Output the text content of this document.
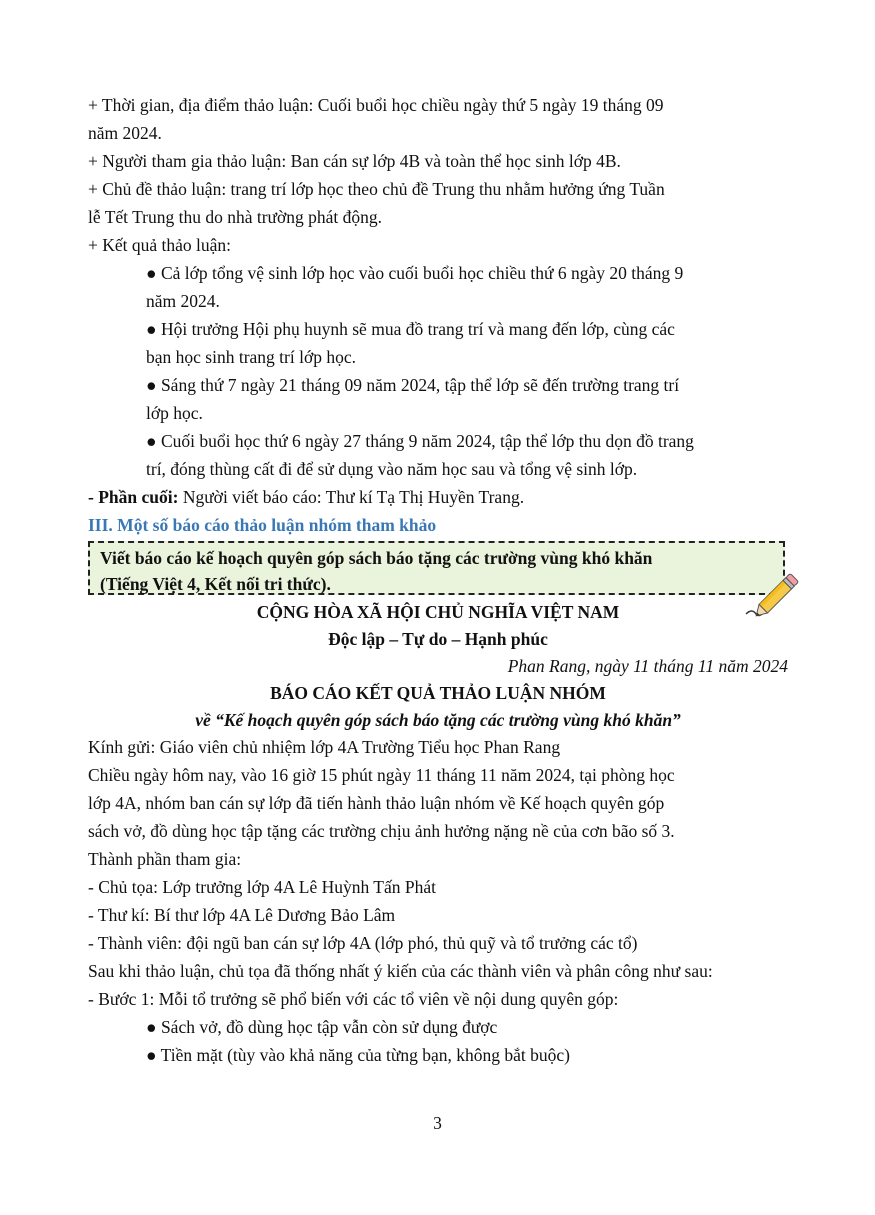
+ Thời gian, địa điểm thảo luận: Cuối buổi học chiều ngày thứ 5 ngày 19 tháng 09
năm 2024.
+ Người tham gia thảo luận: Ban cán sự lớp 4B và toàn thể học sinh lớp 4B.
+ Chủ đề thảo luận: trang trí lớp học theo chủ đề Trung thu nhằm hưởng ứng Tuần
lễ Tết Trung thu do nhà trường phát động.
+ Kết quả thảo luận:
● Cả lớp tổng vệ sinh lớp học vào cuối buổi học chiều thứ 6 ngày 20 tháng 9
năm 2024.
● Hội trưởng Hội phụ huynh sẽ mua đồ trang trí và mang đến lớp, cùng các
bạn học sinh trang trí lớp học.
● Sáng thứ 7 ngày 21 tháng 09 năm 2024, tập thể lớp sẽ đến trường trang trí
lớp học.
● Cuối buổi học thứ 6 ngày 27 tháng 9 năm 2024, tập thể lớp thu dọn đồ trang
trí, đóng thùng cất đi để sử dụng vào năm học sau và tổng vệ sinh lớp.
- Phần cuối: Người viết báo cáo: Thư kí Tạ Thị Huyền Trang.
III. Một số báo cáo thảo luận nhóm tham khảo
Viết báo cáo kế hoạch quyên góp sách báo tặng các trường vùng khó khăn
(Tiếng Việt 4, Kết nối tri thức).
CỘNG HÒA XÃ HỘI CHỦ NGHĨA VIỆT NAM
Độc lập – Tự do – Hạnh phúc
Phan Rang, ngày 11 tháng 11 năm 2024
BÁO CÁO KẾT QUẢ THẢO LUẬN NHÓM
về “Kế hoạch quyên góp sách báo tặng các trường vùng khó khăn”
Kính gửi: Giáo viên chủ nhiệm lớp 4A Trường Tiểu học Phan Rang
Chiều ngày hôm nay, vào 16 giờ 15 phút ngày 11 tháng 11 năm 2024, tại phòng học
lớp 4A, nhóm ban cán sự lớp đã tiến hành thảo luận nhóm về Kế hoạch quyên góp
sách vở, đồ dùng học tập tặng các trường chịu ảnh hưởng nặng nề của cơn bão số 3.
Thành phần tham gia:
- Chủ tọa: Lớp trưởng lớp 4A Lê Huỳnh Tấn Phát
- Thư kí: Bí thư lớp 4A Lê Dương Bảo Lâm
- Thành viên: đội ngũ ban cán sự lớp 4A (lớp phó, thủ quỹ và tổ trưởng các tổ)
Sau khi thảo luận, chủ tọa đã thống nhất ý kiến của các thành viên và phân công như sau:
- Bước 1: Mỗi tổ trưởng sẽ phổ biến với các tổ viên về nội dung quyên góp:
● Sách vở, đồ dùng học tập vẫn còn sử dụng được
● Tiền mặt (tùy vào khả năng của từng bạn, không bắt buộc)
3
